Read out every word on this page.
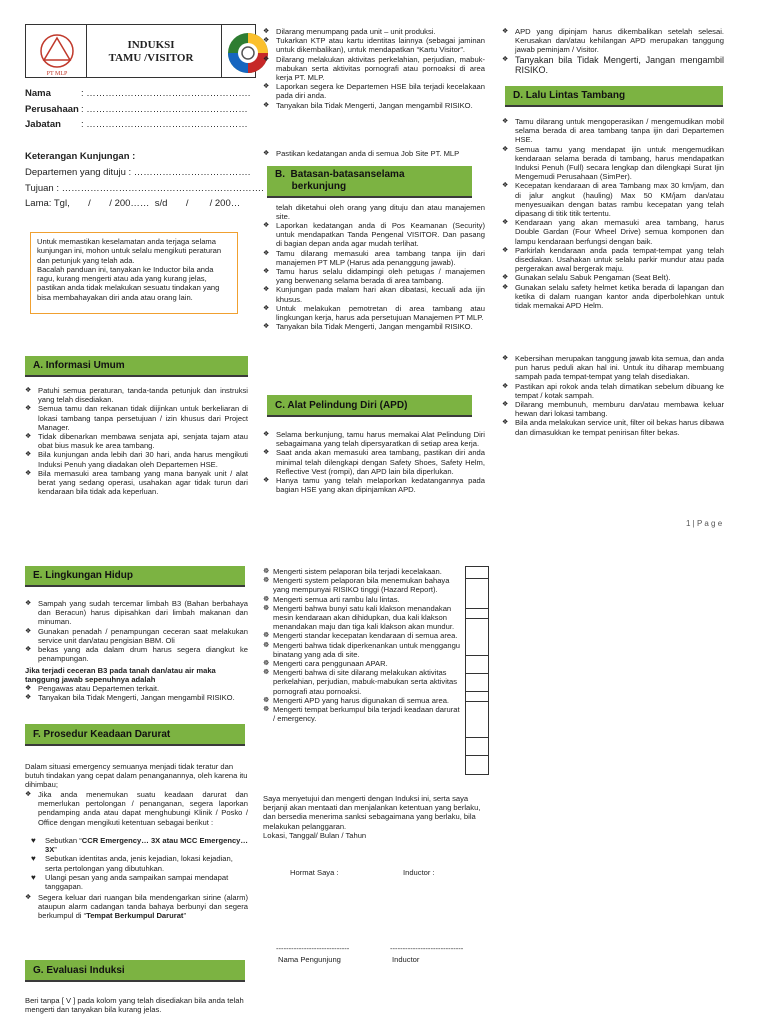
PT MLP
INDUKSI
TAMU /VISITOR
Nama	: …………………………………………….
Perusahaan : ……………………………………………
Jabatan : ……………………………………………
Keterangan Kunjungan :
Departemen yang dituju : ……………………………….
Tujuan : ……………………………………………………….
Lama: Tgl,       /       / 200……  s/d       /        / 200…
Untuk memastikan keselamatan anda terjaga selama kunjungan ini, mohon untuk selalu mengikuti peraturan dan petunjuk yang telah ada.
Bacalah panduan ini, tanyakan ke Inductor bila anda ragu, kurang mengerti atau ada yang kurang jelas, pastikan anda tidak melakukan sesuatu tindakan yang bisa membahayakan diri anda atau orang lain.
A. Informasi Umum
❖ Patuhi semua peraturan, tanda-tanda petunjuk dan instruksi yang telah disediakan.
❖ Semua tamu dan rekanan tidak diijinkan untuk berkeliaran di lokasi tambang tanpa persetujuan / izin khusus dari Project Manager.
❖ Tidak dibenarkan membawa senjata api, senjata tajam atau obat bius masuk ke area tambang.
❖ Bila kunjungan anda lebih dari 30 hari, anda harus mengikuti Induksi Penuh yang diadakan oleh Departemen HSE.
❖ Bila memasuki area tambang yang mana banyak unit / alat berat yang sedang operasi, usahakan agar tidak turun dari kendaraan bila tidak ada keperluan.
❖ Dilarang menumpang pada unit – unit produksi.
❖ Tukarkan KTP atau kartu identitas lainnya (sebagai jaminan untuk dikembalikan), untuk mendapatkan “Kartu Visitor”.
❖ Dilarang melakukan aktivitas perkelahian, perjudian, mabuk-mabukan serta aktivitas pornografi atau pornoaksi di area kerja PT. MLP.
❖ Laporkan segera ke Departemen HSE bila terjadi kecelakaan pada diri anda.
❖ Tanyakan bila Tidak Mengerti, Jangan mengambil RISIKO.
❖ Pastikan kedatangan anda di semua Job Site PT. MLP
B.  Batasan-batasanselama
berkunjung
telah diketahui oleh orang yang dituju dan atau manajemen site.
❖ Laporkan kedatangan anda di Pos Keamanan (Security) untuk mendapatkan Tanda Pengenal VISITOR. Dan pasang di bagian depan anda agar mudah terlihat.
❖ Tamu dilarang memasuki area tambang tanpa ijin dari manajemen PT MLP (Harus ada penanggung jawab).
❖ Tamu harus selalu didampingi oleh petugas / manajemen yang berwenang selama berada di area tambang.
❖ Kunjungan pada malam hari akan dibatasi, kecuali ada ijin khusus.
❖ Untuk melakukan pemotretan di area tambang atau lingkungan kerja, harus ada persetujuan Manajemen PT MLP.
❖ Tanyakan bila Tidak Mengerti, Jangan mengambil RISIKO.
C. Alat Pelindung Diri (APD)
❖ Selama berkunjung, tamu harus memakai Alat Pelindung Diri sebagaimana yang telah dipersyaratkan di setiap area kerja.
❖ Saat anda akan memasuki area tambang, pastikan diri anda minimal telah dilengkapi dengan Safety Shoes, Safety Helm, Reflective Vest (rompi), dan APD lain bila diperlukan.
❖ Hanya tamu yang telah melaporkan kedatangannya pada bagian HSE yang akan dipinjamkan APD.
❖ APD yang dipinjam harus dikembalikan setelah selesai. Kerusakan dan/atau kehilangan APD merupakan tanggung jawab peminjam / Visitor.
❖ Tanyakan bila Tidak Mengerti, Jangan mengambil RISIKO.
D. Lalu Lintas Tambang
❖ Tamu dilarang untuk mengoperasikan / mengemudikan mobil selama berada di area tambang tanpa ijin dari Departemen HSE.
❖ Semua tamu yang mendapat ijin untuk mengemudikan kendaraan selama berada di tambang, harus mendapatkan Induksi Penuh (Full) secara lengkap dan dilengkapi Surat Ijin Mengemudi Perusahaan (SimPer).
❖ Kecepatan kendaraan di area Tambang max 30 km/jam, dan di jalur angkut (hauling) Max 50 KM/jam dan/atau menyesuaikan dengan batas rambu kecepatan yang telah dipasang di titik titik tertentu.
❖ Kendaraan yang akan memasuki area tambang, harus Double Gardan (Four Wheel Drive) semua komponen dan lampu kendaraan berfungsi dengan baik.
❖ Parkirlah kendaraan anda pada tempat-tempat yang telah disediakan. Usahakan untuk selalu parkir mundur atau pada pergerakan awal bergerak maju.
❖ Gunakan selalu Sabuk Pengaman (Seat Belt).
❖ Gunakan selalu safety helmet ketika berada di lapangan dan ketika di dalam ruangan kantor anda diperbolehkan untuk tidak memakai APD Helm.
❖ Kebersihan merupakan tanggung jawab kita semua, dan anda pun harus peduli akan hal ini. Untuk itu diharap membuang sampah pada tempat-tempat yang telah disediakan.
❖ Pastikan api rokok anda telah dimatikan sebelum dibuang ke tempat / kotak sampah.
❖ Dilarang membunuh, memburu dan/atau membawa keluar hewan dari lokasi tambang.
❖ Bila anda melakukan service unit, filter oil bekas harus dibawa dan dimasukkan ke tempat penirisan filter bekas.
1 | P a g e
E. Lingkungan Hidup
❖ Sampah yang sudah tercemar limbah B3 (Bahan berbahaya dan Beracun) harus dipisahkan dari limbah makanan dan minuman.
❖ Gunakan penadah / penampungan ceceran saat melakukan service unit dan/atau pengisian BBM. Oli
❖ bekas yang ada dalam drum harus segera diangkut ke penampungan.
Jika terjadi ceceran B3 pada tanah dan/atau air maka tanggung jawab sepenuhnya adalah
❖ Pengawas atau Departemen terkait.
❖ Tanyakan bila Tidak Mengerti, Jangan mengambil RISIKO.
F. Prosedur Keadaan Darurat
Dalam situasi emergency semuanya menjadi tidak teratur dan butuh tindakan yang cepat dalam penanganannya, oleh karena itu dihimbau;
❖ Jika anda menemukan suatu keadaan darurat dan memerlukan pertolongan / penanganan, segera laporkan pendamping anda atau dapat menghubungi Klinik / Posko / Office dengan mengikuti ketentuan sebagai berikut :
♥ Sebutkan “CCR Emergency… 3X atau MCC Emergency… 3X”
♥ Sebutkan identitas anda, jenis kejadian, lokasi kejadian, serta pertolongan yang dibutuhkan.
♥ Ulangi pesan yang anda sampaikan sampai mendapat tanggapan.
❖ Segera keluar dari ruangan bila mendengarkan sirine (alarm) ataupun alarm cadangan tanda bahaya berbunyi dan segera berkumpul di “Tempat Berkumpul Darurat”
G. Evaluasi Induksi
Beri tanpa [ V ] pada kolom yang telah disediakan bila anda telah mengerti dan tanyakan bila kurang jelas.
☸ Mengerti sistem pelaporan bila terjadi kecelakaan.
☸ Mengerti system pelaporan bila menemukan bahaya yang mempunyai RISIKO tinggi (Hazard Report).
☸ Mengerti semua arti rambu lalu lintas.
☸ Mengerti bahwa bunyi satu kali klakson menandakan mesin kendaraan akan dihidupkan, dua kali klakson menandakan maju dan tiga kali klakson akan mundur.
☸ Mengerti standar kecepatan kendaraan di semua area.
☸ Mengerti bahwa tidak diperkenankan untuk menggangu binatang yang ada di site.
☸ Mengerti cara penggunaan APAR.
☸ Mengerti bahwa di site dilarang melakukan aktivitas perkelahian, perjudian, mabuk-mabukan serta aktivitas pornografi atau pornoaksi.
☸ Mengerti APD yang harus digunakan di semua area.
☸ Mengerti tempat berkumpul bila terjadi keadaan darurat / emergency.
Saya menyetujui dan mengerti dengan Induksi ini, serta saya berjanji akan mentaati dan menjalankan ketentuan yang berlaku, dan bersedia menerima sanksi sebagaimana yang berlaku, bila melakukan pelanggaran.
Lokasi, Tanggal/ Bulan / Tahun
Hormat Saya :	Inductor :
-----------------------------	-----------------------------
Nama Pengunjung	Inductor
